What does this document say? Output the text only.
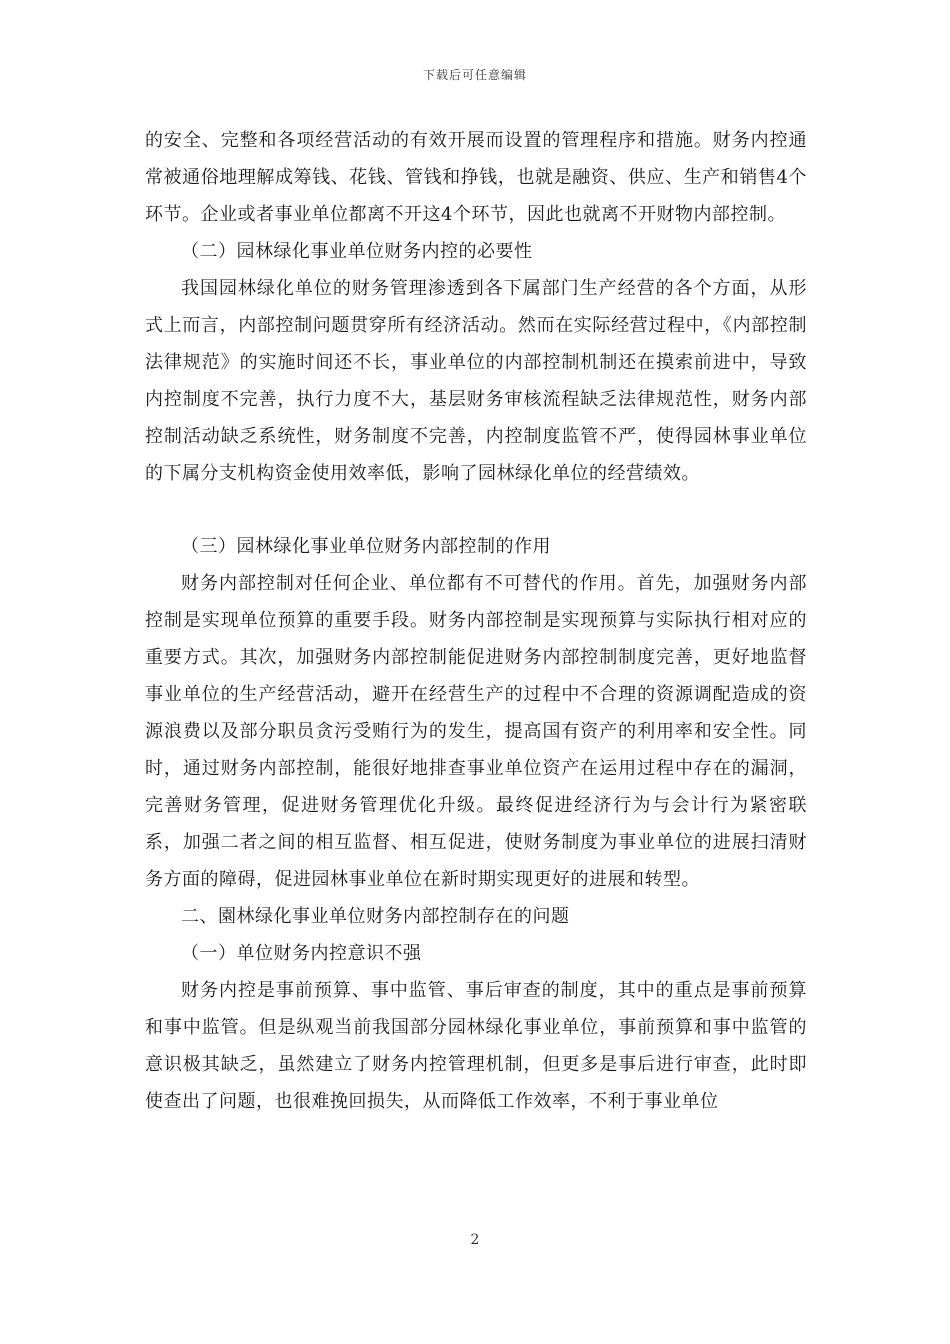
下载后可任意编辑

的安全、完整和各项经营活动的有效开展而设置的管理程序和措施。财务内控通常被通俗地理解成筹钱、花钱、管钱和挣钱，也就是融资、供应、生产和销售4个环节。企业或者事业单位都离不开这4个环节，因此也就离不开财物内部控制。

（二）园林绿化事业单位财务内控的必要性

我国园林绿化单位的财务管理渗透到各下属部门生产经营的各个方面，从形式上而言，内部控制问题贯穿所有经济活动。然而在实际经营过程中，《内部控制法律规范》的实施时间还不长，事业单位的内部控制机制还在摸索前进中，导致内控制度不完善，执行力度不大，基层财务审核流程缺乏法律规范性，财务内部控制活动缺乏系统性，财务制度不完善，内控制度监管不严，使得园林事业单位的下属分支机构资金使用效率低，影响了园林绿化单位的经营绩效。

（三）园林绿化事业单位财务内部控制的作用

财务内部控制对任何企业、单位都有不可替代的作用。首先，加强财务内部控制是实现单位预算的重要手段。财务内部控制是实现预算与实际执行相对应的重要方式。其次，加强财务内部控制能促进财务内部控制制度完善，更好地监督事业单位的生产经营活动，避开在经营生产的过程中不合理的资源调配造成的资源浪费以及部分职员贪污受贿行为的发生，提高国有资产的利用率和安全性。同时，通过财务内部控制，能很好地排查事业单位资产在运用过程中存在的漏洞，完善财务管理，促进财务管理优化升级。最终促进经济行为与会计行为紧密联系，加强二者之间的相互监督、相互促进，使财务制度为事业单位的进展扫清财务方面的障碍，促进园林事业单位在新时期实现更好的进展和转型。

二、園林绿化事业单位财务内部控制存在的问题

（一）单位财务内控意识不强

财务内控是事前预算、事中监管、事后审查的制度，其中的重点是事前预算和事中监管。但是纵观当前我国部分园林绿化事业单位，事前预算和事中监管的意识极其缺乏，虽然建立了财务内控管理机制，但更多是事后进行审查，此时即使查出了问题，也很难挽回损失，从而降低工作效率，不利于事业单位

2
